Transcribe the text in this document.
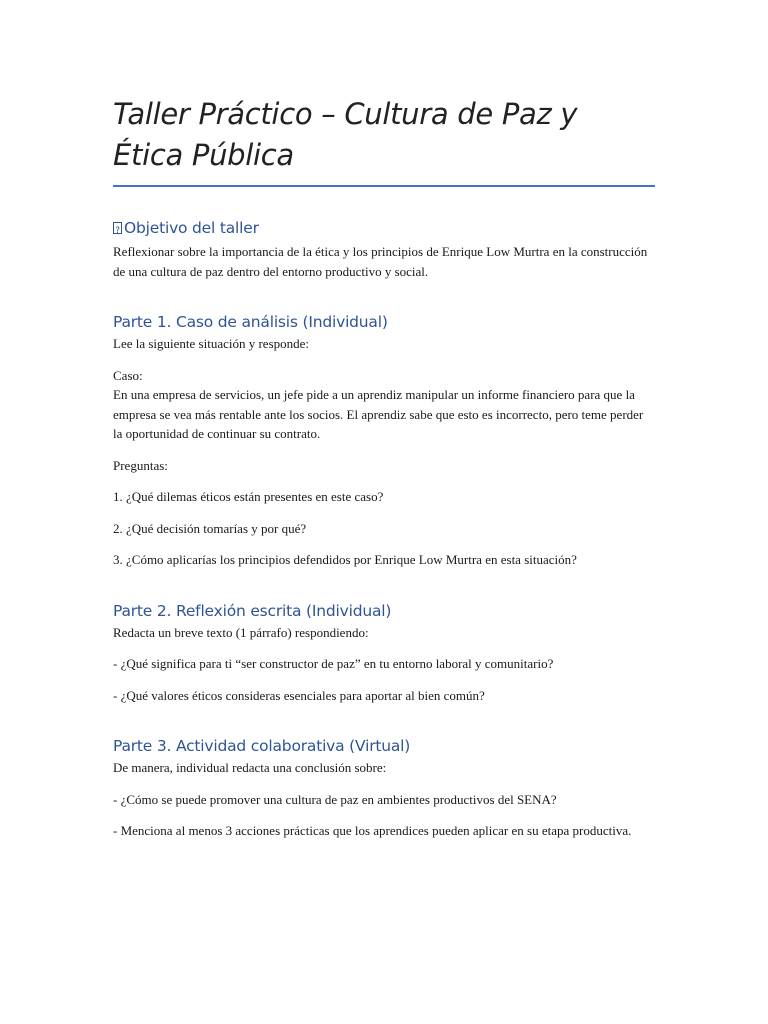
Taller Práctico – Cultura de Paz y Ética Pública
?Objetivo del taller

Reflexionar sobre la importancia de la ética y los principios de Enrique Low Murtra en la construcción de una cultura de paz dentro del entorno productivo y social.

Parte 1. Caso de análisis (Individual)

Lee la siguiente situación y responde:

Caso:

En una empresa de servicios, un jefe pide a un aprendiz manipular un informe financiero para que la empresa se vea más rentable ante los socios. El aprendiz sabe que esto es incorrecto, pero teme perder la oportunidad de continuar su contrato.

Preguntas:

1. ¿Qué dilemas éticos están presentes en este caso?

2. ¿Qué decisión tomarías y por qué?

3. ¿Cómo aplicarías los principios defendidos por Enrique Low Murtra en esta situación?

Parte 2. Reflexión escrita (Individual)

Redacta un breve texto (1 párrafo) respondiendo:

- ¿Qué significa para ti “ser constructor de paz” en tu entorno laboral y comunitario?

- ¿Qué valores éticos consideras esenciales para aportar al bien común?

Parte 3. Actividad colaborativa (Virtual)

De manera, individual redacta una conclusión sobre:

- ¿Cómo se puede promover una cultura de paz en ambientes productivos del SENA?

- Menciona al menos 3 acciones prácticas que los aprendices pueden aplicar en su etapa productiva.
